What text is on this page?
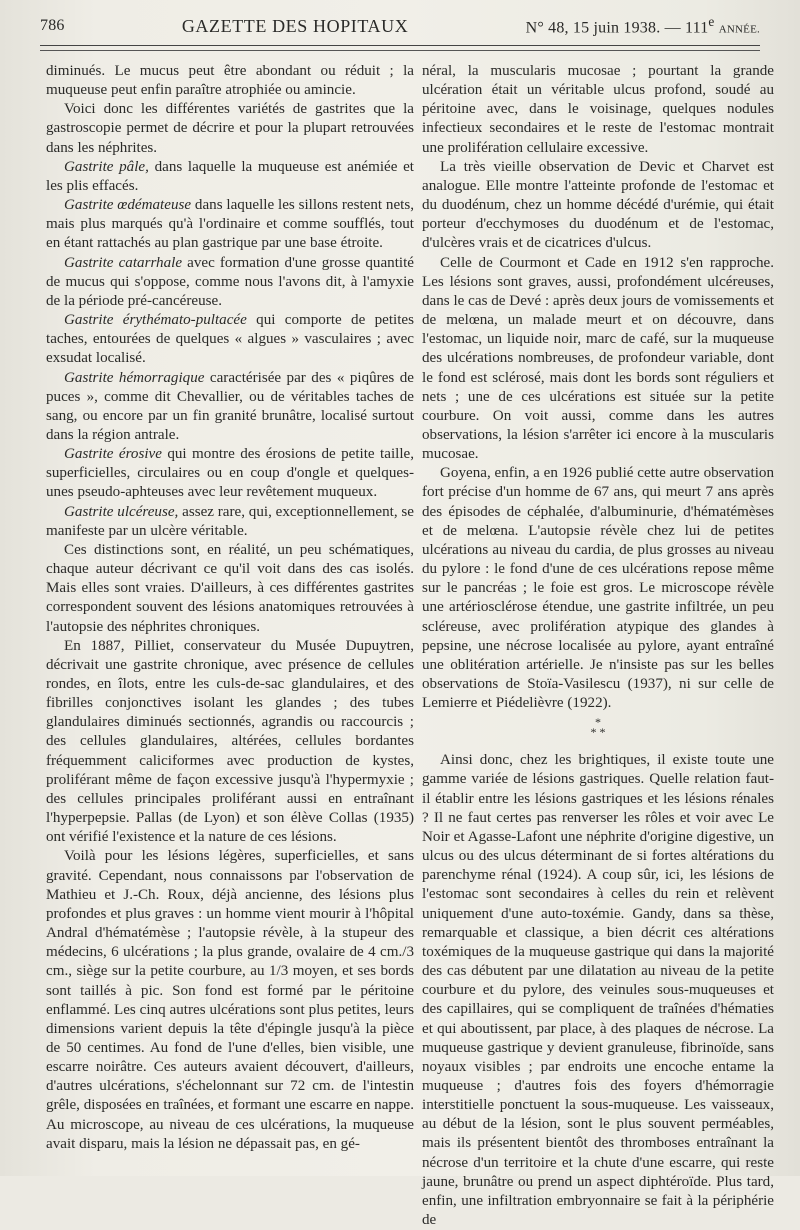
786	GAZETTE DES HOPITAUX	N° 48, 15 juin 1938. — 111e ANNÉE.

diminués. Le mucus peut être abondant ou réduit ; la muqueuse peut enfin paraître atrophiée ou amincie.

Voici donc les différentes variétés de gastrites que la gastroscopie permet de décrire et pour la plupart retrouvées dans les néphrites.

Gastrite pâle, dans laquelle la muqueuse est anémiée et les plis effacés.

Gastrite œdémateuse dans laquelle les sillons restent nets, mais plus marqués qu'à l'ordinaire et comme soufflés, tout en étant rattachés au plan gastrique par une base étroite.

Gastrite catarrhale avec formation d'une grosse quantité de mucus qui s'oppose, comme nous l'avons dit, à l'amyxie de la période pré-cancéreuse.

Gastrite érythémato-pultacée qui comporte de petites taches, entourées de quelques « algues » vasculaires ; avec exsudat localisé.

Gastrite hémorragique caractérisée par des « piqûres de puces », comme dit Chevallier, ou de véritables taches de sang, ou encore par un fin granité brunâtre, localisé surtout dans la région antrale.

Gastrite érosive qui montre des érosions de petite taille, superficielles, circulaires ou en coup d'ongle et quelques-unes pseudo-aphteuses avec leur revêtement muqueux.

Gastrite ulcéreuse, assez rare, qui, exceptionnellement, se manifeste par un ulcère véritable.

Ces distinctions sont, en réalité, un peu schématiques, chaque auteur décrivant ce qu'il voit dans des cas isolés. Mais elles sont vraies. D'ailleurs, à ces différentes gastrites correspondent souvent des lésions anatomiques retrouvées à l'autopsie des néphrites chroniques.

En 1887, Pilliet, conservateur du Musée Dupuytren, décrivait une gastrite chronique, avec présence de cellules rondes, en îlots, entre les culs-de-sac glandulaires, et des fibrilles conjonctives isolant les glandes ; des tubes glandulaires diminués sectionnés, agrandis ou raccourcis ; des cellules glandulaires, altérées, cellules bordantes fréquemment caliciformes avec production de kystes, proliférant même de façon excessive jusqu'à l'hypermyxie ; des cellules principales proliférant aussi en entraînant l'hyperpepsie. Pallas (de Lyon) et son élève Collas (1935) ont vérifié l'existence et la nature de ces lésions.

Voilà pour les lésions légères, superficielles, et sans gravité. Cependant, nous connaissons par l'observation de Mathieu et J.-Ch. Roux, déjà ancienne, des lésions plus profondes et plus graves : un homme vient mourir à l'hôpital Andral d'hématémèse ; l'autopsie révèle, à la stupeur des médecins, 6 ulcérations ; la plus grande, ovalaire de 4 cm./3 cm., siège sur la petite courbure, au 1/3 moyen, et ses bords sont taillés à pic. Son fond est formé par le péritoine enflammé. Les cinq autres ulcérations sont plus petites, leurs dimensions varient depuis la tête d'épingle jusqu'à la pièce de 50 centimes. Au fond de l'une d'elles, bien visible, une escarre noirâtre. Ces auteurs avaient découvert, d'ailleurs, d'autres ulcérations, s'échelonnant sur 72 cm. de l'intestin grêle, disposées en traînées, et formant une escarre en nappe. Au microscope, au niveau de ces ulcérations, la muqueuse avait disparu, mais la lésion ne dépassait pas, en gé-

néral, la muscularis mucosae ; pourtant la grande ulcération était un véritable ulcus profond, soudé au péritoine avec, dans le voisinage, quelques nodules infectieux secondaires et le reste de l'estomac montrait une prolifération cellulaire excessive.

La très vieille observation de Devic et Charvet est analogue. Elle montre l'atteinte profonde de l'estomac et du duodénum, chez un homme décédé d'urémie, qui était porteur d'ecchymoses du duodénum et de l'estomac, d'ulcères vrais et de cicatrices d'ulcus.

Celle de Courmont et Cade en 1912 s'en rapproche. Les lésions sont graves, aussi, profondément ulcéreuses, dans le cas de Devé : après deux jours de vomissements et de melœna, un malade meurt et on découvre, dans l'estomac, un liquide noir, marc de café, sur la muqueuse des ulcérations nombreuses, de profondeur variable, dont le fond est sclérosé, mais dont les bords sont réguliers et nets ; une de ces ulcérations est située sur la petite courbure. On voit aussi, comme dans les autres observations, la lésion s'arrêter ici encore à la muscularis mucosae.

Goyena, enfin, a en 1926 publié cette autre observation fort précise d'un homme de 67 ans, qui meurt 7 ans après des épisodes de céphalée, d'albuminurie, d'hématémèses et de melœna. L'autopsie révèle chez lui de petites ulcérations au niveau du cardia, de plus grosses au niveau du pylore : le fond d'une de ces ulcérations repose même sur le pancréas ; le foie est gros. Le microscope révèle une artériosclérose étendue, une gastrite infiltrée, un peu scléreuse, avec prolifération atypique des glandes à pepsine, une nécrose localisée au pylore, ayant entraîné une oblitération artérielle. Je n'insiste pas sur les belles observations de Stoïa-Vasilescu (1937), ni sur celle de Lemierre et Piédelièvre (1922).

*
* *

Ainsi donc, chez les brightiques, il existe toute une gamme variée de lésions gastriques. Quelle relation faut-il établir entre les lésions gastriques et les lésions rénales ? Il ne faut certes pas renverser les rôles et voir avec Le Noir et Agasse-Lafont une néphrite d'origine digestive, un ulcus ou des ulcus déterminant de si fortes altérations du parenchyme rénal (1924). A coup sûr, ici, les lésions de l'estomac sont secondaires à celles du rein et relèvent uniquement d'une auto-toxémie. Gandy, dans sa thèse, remarquable et classique, a bien décrit ces altérations toxémiques de la muqueuse gastrique qui dans la majorité des cas débutent par une dilatation au niveau de la petite courbure et du pylore, des veinules sous-muqueuses et des capillaires, qui se compliquent de traînées d'hématies et qui aboutissent, par place, à des plaques de nécrose. La muqueuse gastrique y devient granuleuse, fibrinoïde, sans noyaux visibles ; par endroits une encoche entame la muqueuse ; d'autres fois des foyers d'hémorragie interstitielle ponctuent la sous-muqueuse. Les vaisseaux, au début de la lésion, sont le plus souvent perméables, mais ils présentent bientôt des thromboses entraînant la nécrose d'un territoire et la chute d'une escarre, qui reste jaune, brunâtre ou prend un aspect diphtéroïde. Plus tard, enfin, une infiltration embryonnaire se fait à la périphérie de
